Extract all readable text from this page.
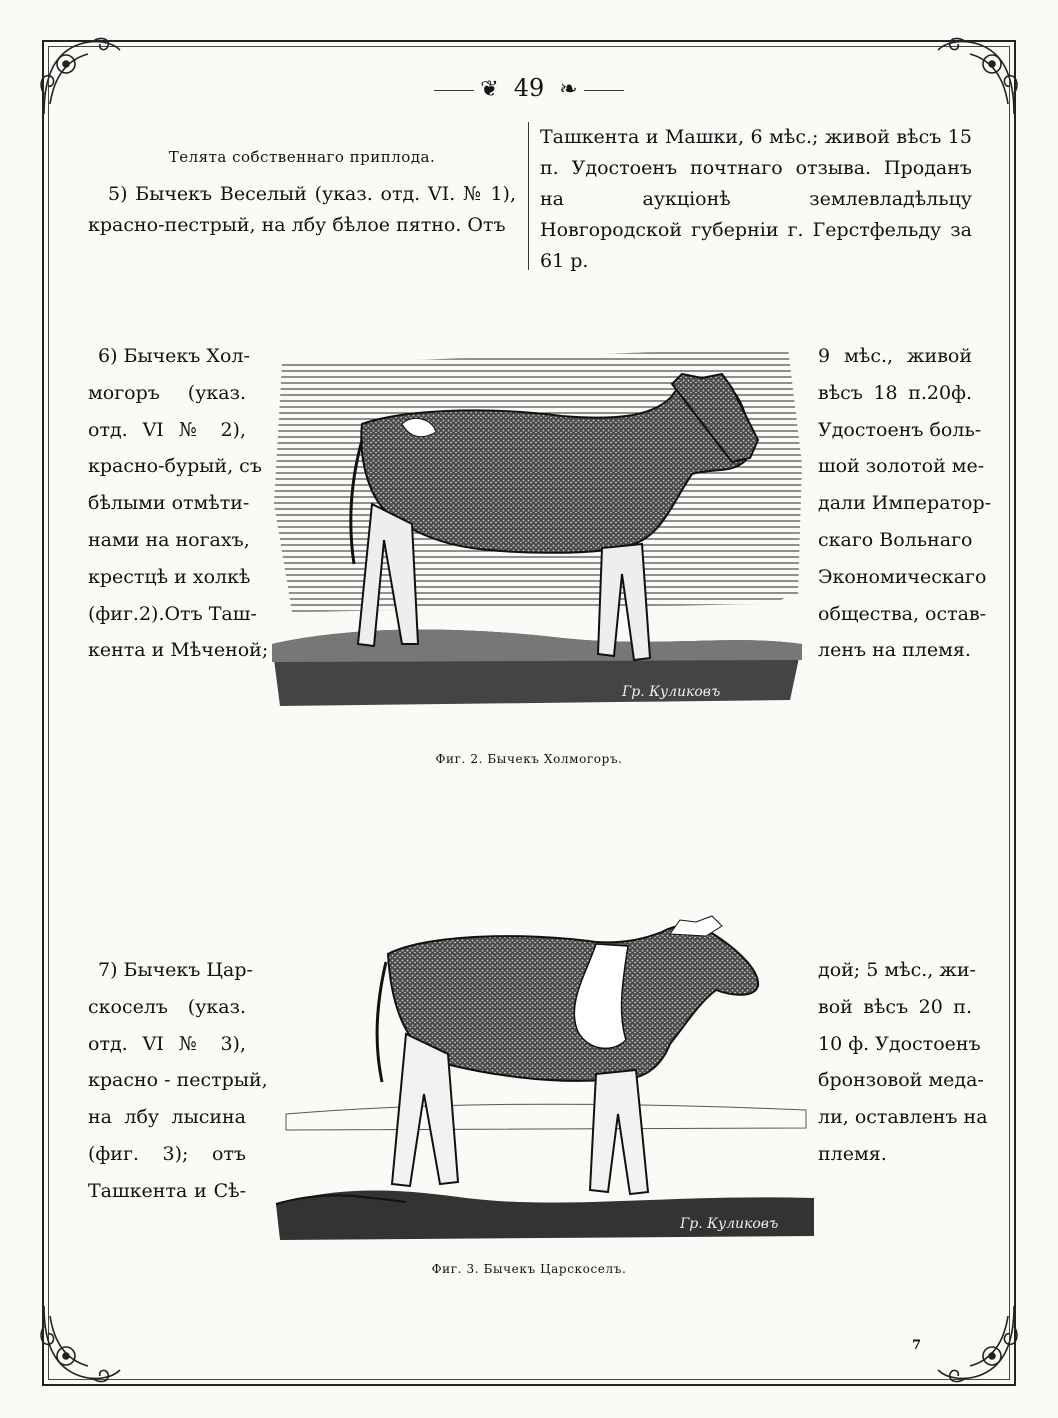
❦ 49 ❧
Телята собственнаго приплода.

5) Бычекъ Веселый (указ. отд. VI. № 1), красно-пестрый, на лбу бѣлое пятно. Отъ

Ташкента и Машки, 6 мѣс.; живой вѣсъ 15 п. Удостоенъ почтнаго отзыва. Проданъ на аукціонѣ землевладѣльцу Новгородской губерніи г. Герстфельду за 61 р.

6) Бычекъ Хол-
могоръ (указ.
отд. VI № 2),
красно-бурый, съ
бѣлыми отмѣти-
нами на ногахъ,
крестцѣ и холкѣ
(фиг.2).Отъ Таш-
кента и Мѣченой;
9 мѣс., живой
вѣсъ 18 п.20ф.
Удостоенъ боль-
шой золотой ме-
дали Император-
скаго Вольнаго
Экономическаго
общества, остав-
ленъ на племя.
Гр. Куликовъ
Фиг. 2. Бычекъ Холмогоръ.
7) Бычекъ Цар-
скоселъ (указ.
отд. VI № 3),
красно - пестрый,
на лбу лысина
(фиг. 3); отъ
Ташкента и Сѣ-
дой; 5 мѣс., жи-
вой вѣсъ 20 п.
10 ф. Удостоенъ
бронзовой меда-
ли, оставленъ на
племя.
Гр. Куликовъ
Фиг. 3. Бычекъ Царскоселъ.
7
